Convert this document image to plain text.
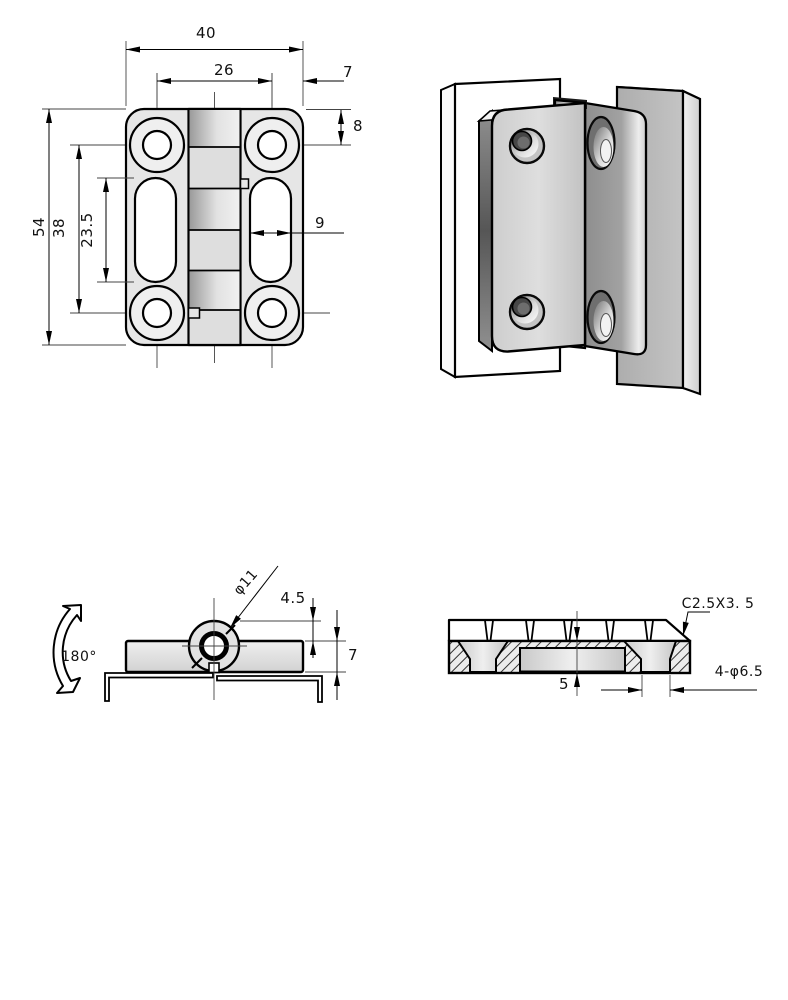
40
26	7
8
54 38 23.5	9
φ11 4.5
7
180°
C2.5X3. 5
4-φ6.5
5
